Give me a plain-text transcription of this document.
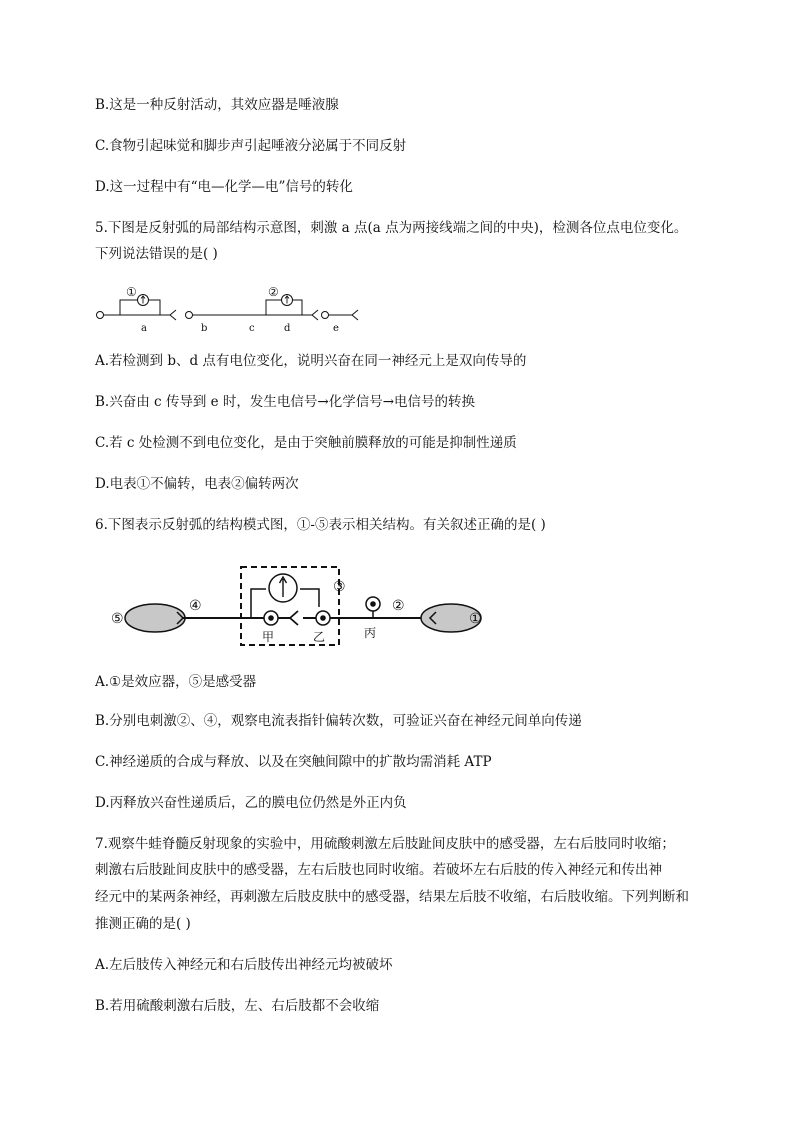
B.这是一种反射活动，其效应器是唾液腺
C.食物引起味觉和脚步声引起唾液分泌属于不同反射
D.这一过程中有“电—化学—电”信号的转化
5.下图是反射弧的局部结构示意图，刺激 a 点(a 点为两接线端之间的中央)，检测各位点电位变化。
下列说法错误的是( )
①
a
②
b	c	d	e
A.若检测到 b、d 点有电位变化，说明兴奋在同一神经元上是双向传导的
B.兴奋由 c 传导到 e 时，发生电信号→化学信号→电信号的转换
C.若 c 处检测不到电位变化，是由于突触前膜释放的可能是抑制性递质
D.电表①不偏转，电表②偏转两次
6.下图表示反射弧的结构模式图，①-⑤表示相关结构。有关叙述正确的是( )
⑤
④
甲	乙
③
丙
②
①
A.①是效应器，⑤是感受器
B.分别电刺激②、④，观察电流表指针偏转次数，可验证兴奋在神经元间单向传递
C.神经递质的合成与释放、以及在突触间隙中的扩散均需消耗 ATP
D.丙释放兴奋性递质后，乙的膜电位仍然是外正内负
7.观察牛蛙脊髓反射现象的实验中，用硫酸刺激左后肢趾间皮肤中的感受器，左右后肢同时收缩；
刺激右后肢趾间皮肤中的感受器，左右后肢也同时收缩。若破坏左右后肢的传入神经元和传出神
经元中的某两条神经，再刺激左后肢皮肤中的感受器，结果左后肢不收缩，右后肢收缩。下列判断和
推测正确的是( )
A.左后肢传入神经元和右后肢传出神经元均被破坏
B.若用硫酸刺激右后肢，左、右后肢都不会收缩
